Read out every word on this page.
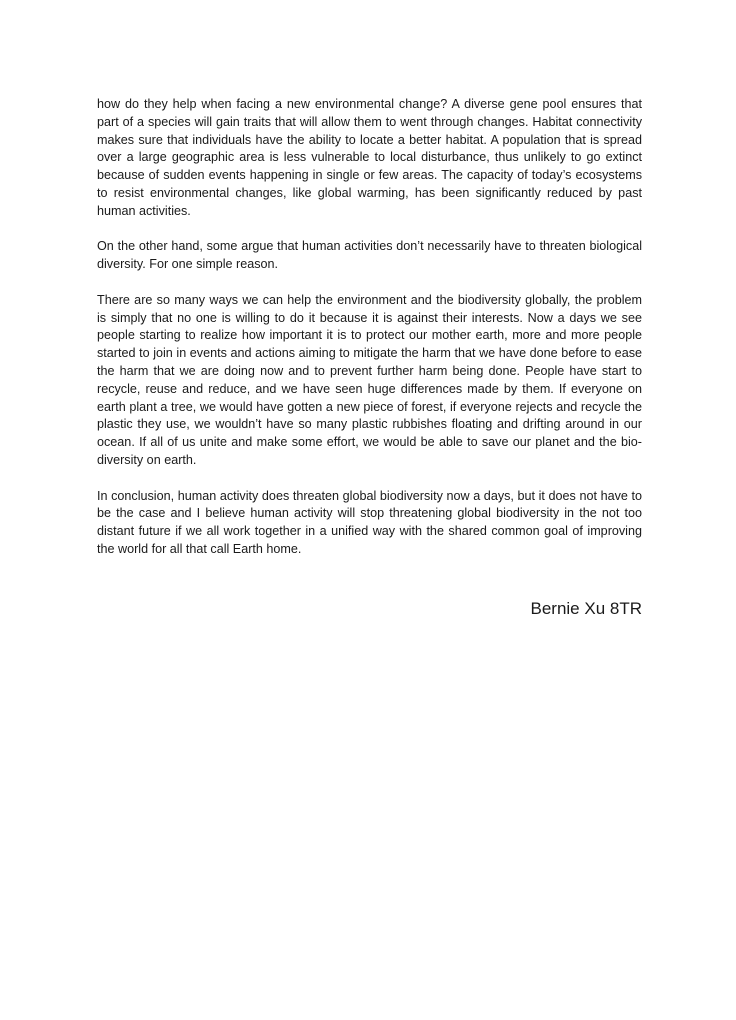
how do they help when facing a new environmental change? A diverse gene pool ensures that part of a species will gain traits that will allow them to went through changes. Habitat connectivity makes sure that individuals have the ability to locate a better habitat. A population that is spread over a large geographic area is less vulnerable to local disturbance, thus unlikely to go extinct because of sudden events happening in single or few areas. The capacity of today’s ecosystems to resist environmental changes, like global warming, has been significantly reduced by past human activities.

On the other hand, some argue that human activities don’t necessarily have to threaten biological diversity. For one simple reason.

There are so many ways we can help the environment and the biodiversity globally, the problem is simply that no one is willing to do it because it is against their interests. Now a days we see people starting to realize how important it is to protect our mother earth, more and more people started to join in events and actions aiming to mitigate the harm that we have done before to ease the harm that we are doing now and to prevent further harm being done. People have start to recycle, reuse and reduce, and we have seen huge differences made by them. If everyone on earth plant a tree, we would have gotten a new piece of forest, if everyone rejects and recycle the plastic they use, we wouldn’t have so many plastic rubbishes floating and drifting around in our ocean. If all of us unite and make some effort, we would be able to save our planet and the bio-diversity on earth.

In conclusion, human activity does threaten global biodiversity now a days, but it does not have to be the case and I believe human activity will stop threatening global biodiversity in the not too distant future if we all work together in a unified way with the shared common goal of improving the world for all that call Earth home.

Bernie Xu 8TR
